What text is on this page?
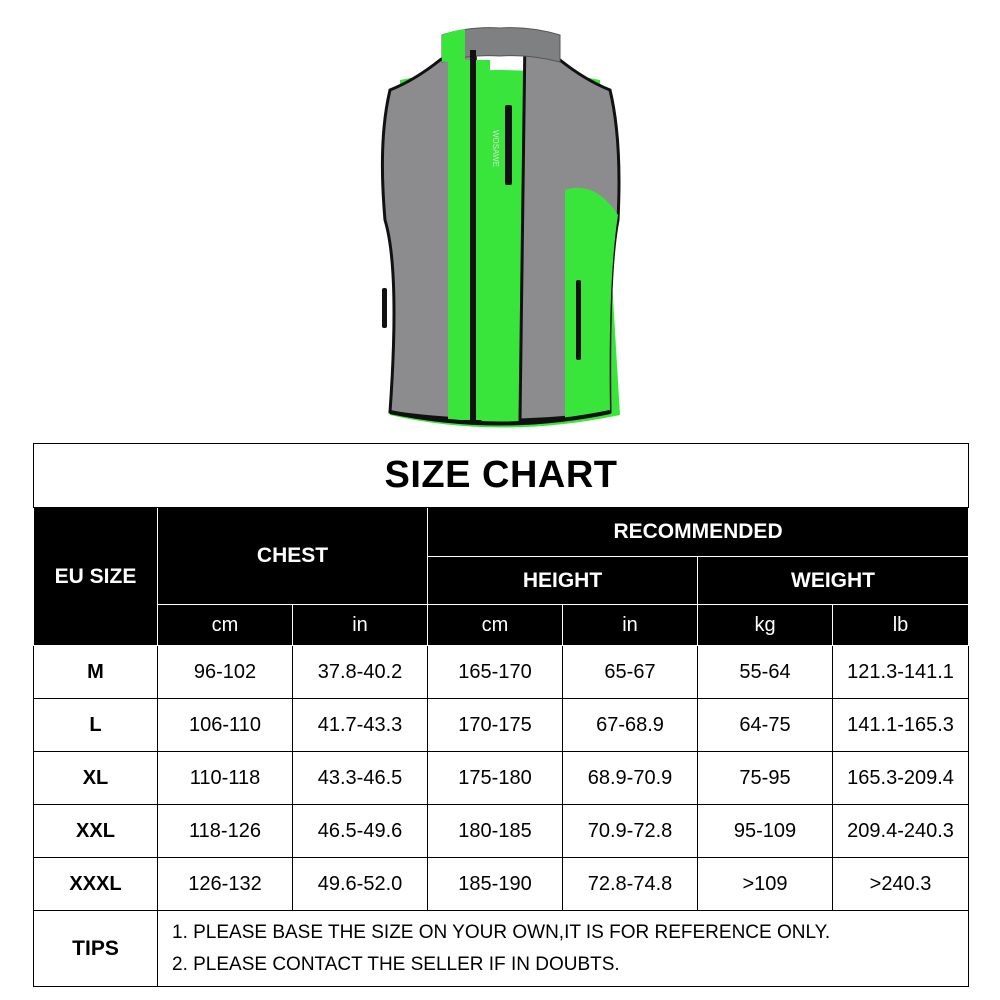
WOSAWE
SIZE CHART						
EU SIZE	CHEST		RECOMMENDED			
			HEIGHT		WEIGHT	
	cm	in	cm	in	kg	lb
M	96-102	37.8-40.2	165-170	65-67	55-64	121.3-141.1
L	106-110	41.7-43.3	170-175	67-68.9	64-75	141.1-165.3
XL	110-118	43.3-46.5	175-180	68.9-70.9	75-95	165.3-209.4
XXL	118-126	46.5-49.6	180-185	70.9-72.8	95-109	209.4-240.3
XXXL	126-132	49.6-52.0	185-190	72.8-74.8	>109	>240.3
TIPS	1. PLEASE BASE THE SIZE ON YOUR OWN,IT IS FOR REFERENCE ONLY.
2. PLEASE CONTACT THE SELLER IF IN DOUBTS.					
